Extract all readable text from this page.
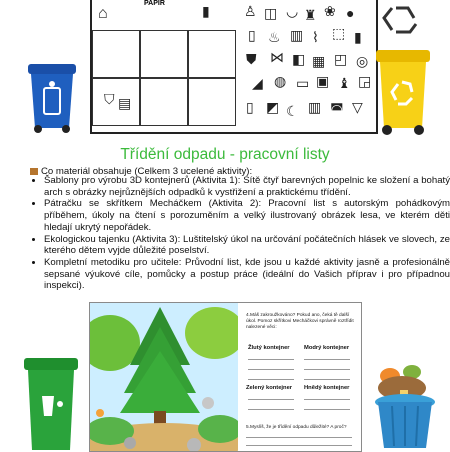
PAPÍR
⌂	▮
⛉ ▤
♙ ◫ ◡ ♜ ❀ ●
▯ ♨ ▥ ⌇ ⬚ ▮
⛊ ⋈ ◧ ▦ ◰ ◎
◢ ◍ ▭ ▣ ♝ ◲
▯ ◩ ☾ ▥ ◚ ▽
Třídění odpadu - pracovní listy
Co materiál obsahuje (Celkem 3 ucelené aktivity):
• Šablony pro výrobu 3D kontejnerů (Aktivita 1): Sítě čtyř barevných popelnic ke složení a bohatý arch s obrázky nejrůznějších odpadků k vystřižení a praktickému třídění.
• Pátračku se skřítkem Mecháčkem (Aktivita 2): Pracovní list s autorským pohádkovým příběhem, úkoly na čtení s porozuměním a velký ilustrovaný obrázek lesa, ve kterém děti hledají ukrytý nepořádek.
• Ekologickou tajenku (Aktivita 3): Luštitelský úkol na určování počátečních hlásek ve slovech, ze kterého dětem vyjde důležité poselství.
• Kompletní metodiku pro učitele: Průvodní list, kde jsou u každé aktivity jasně a profesionálně sepsané výukové cíle, pomůcky a postup práce (ideální do Vašich příprav i pro případnou inspekci).
4.Máš zakroužkováno? Pokud ano, čeká tě další úkol. Pomoz skřítkovi Mecháčkovi správně roztřídit nalezené věci:
Žlutý kontejner Modrý kontejner
Zelený kontejner Hnědý kontejner
5.Myslíš, že je třídění odpadu důležité? A proč?
